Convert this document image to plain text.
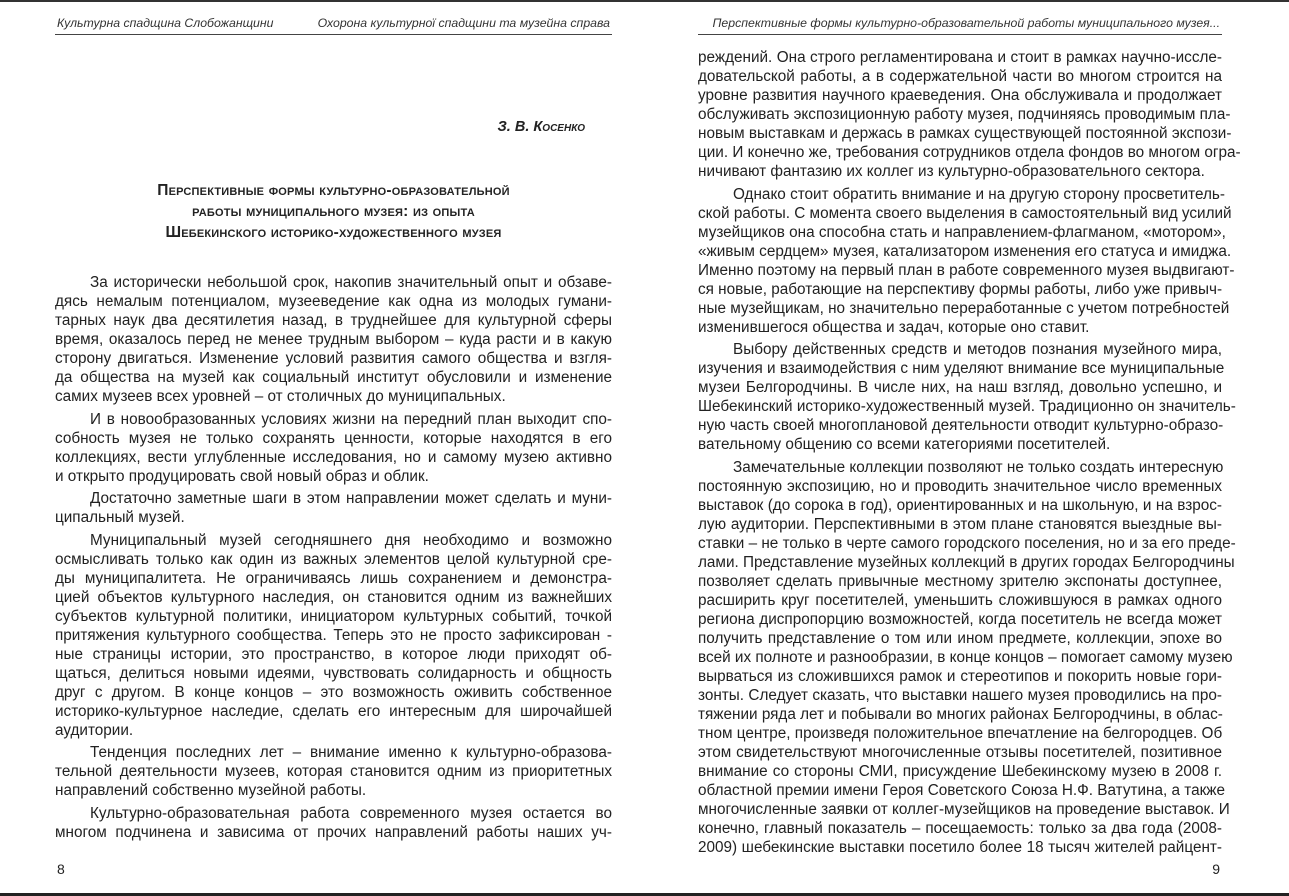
Культурна спадщина Слобожанщини	Охорона культурної спадщини та музейна справа
З. В. Косенко
Перспективные формы культурно-образовательной
работы муниципального музея: из опыта
Шебекинского историко-художественного музея
За исторически небольшой срок, накопив значительный опыт и обзаве-
дясь немалым потенциалом, музееведение как одна из молодых гумани-
тарных наук два десятилетия назад, в труднейшее для культурной сферы
время, оказалось перед не менее трудным выбором – куда расти и в какую
сторону двигаться. Изменение условий развития самого общества и взгля-
да общества на музей как социальный институт обусловили и изменение
самих музеев всех уровней – от столичных до муниципальных.
И в новообразованных условиях жизни на передний план выходит спо-
собность музея не только сохранять ценности, которые находятся в его
коллекциях, вести углубленные исследования, но и самому музею активно
и открыто продуцировать свой новый образ и облик.
Достаточно заметные шаги в этом направлении может сделать и муни-
ципальный музей.
Муниципальный музей сегодняшнего дня необходимо и возможно
осмысливать только как один из важных элементов целой культурной сре-
ды муниципалитета. Не ограничиваясь лишь сохранением и демонстра-
цией объектов культурного наследия, он становится одним из важнейших
субъектов культурной политики, инициатором культурных событий, точкой
притяжения культурного сообщества. Теперь это не просто зафиксирован -
ные страницы истории, это пространство, в которое люди приходят об-
щаться, делиться новыми идеями, чувствовать солидарность и общность
друг с другом. В конце концов – это возможность оживить собственное
историко-культурное наследие, сделать его интересным для широчайшей
аудитории.
Тенденция последних лет – внимание именно к культурно-образова-
тельной деятельности музеев, которая становится одним из приоритетных
направлений собственно музейной работы.
Культурно-образовательная работа современного музея остается во
многом подчинена и зависима от прочих направлений работы наших уч-
8
Перспективные формы культурно-образовательной работы муниципального музея...
реждений. Она строго регламентирована и стоит в рамках научно-иссле-
довательской работы, а в содержательной части во многом строится на
уровне развития научного краеведения. Она обслуживала и продолжает
обслуживать экспозиционную работу музея, подчиняясь проводимым пла-
новым выставкам и держась в рамках существующей постоянной экспози-
ции. И конечно же, требования сотрудников отдела фондов во многом огра-
ничивают фантазию их коллег из культурно-образовательного сектора.
Однако стоит обратить внимание и на другую сторону просветитель-
ской работы. С момента своего выделения в самостоятельный вид усилий
музейщиков она способна стать и направлением-флагманом, «мотором»,
«живым сердцем» музея, катализатором изменения его статуса и имиджа.
Именно поэтому на первый план в работе современного музея выдвигают-
ся новые, работающие на перспективу формы работы, либо уже привыч-
ные музейщикам, но значительно переработанные с учетом потребностей
изменившегося общества и задач, которые оно ставит.
Выбору действенных средств и методов познания музейного мира,
изучения и взаимодействия с ним уделяют внимание все муниципальные
музеи Белгородчины. В числе них, на наш взгляд, довольно успешно, и
Шебекинский историко-художественный музей. Традиционно он значитель-
ную часть своей многоплановой деятельности отводит культурно-образо-
вательному общению со всеми категориями посетителей.
Замечательные коллекции позволяют не только создать интересную
постоянную экспозицию, но и проводить значительное число временных
выставок (до сорока в год), ориентированных и на школьную, и на взрос-
лую аудитории. Перспективными в этом плане становятся выездные вы-
ставки – не только в черте самого городского поселения, но и за его преде-
лами. Представление музейных коллекций в других городах Белгородчины
позволяет сделать привычные местному зрителю экспонаты доступнее,
расширить круг посетителей, уменьшить сложившуюся в рамках одного
региона диспропорцию возможностей, когда посетитель не всегда может
получить представление о том или ином предмете, коллекции, эпохе во
всей их полноте и разнообразии, в конце концов – помогает самому музею
вырваться из сложившихся рамок и стереотипов и покорить новые гори-
зонты. Следует сказать, что выставки нашего музея проводились на про-
тяжении ряда лет и побывали во многих районах Белгородчины, в облас-
тном центре, произведя положительное впечатление на белгородцев. Об
этом свидетельствуют многочисленные отзывы посетителей, позитивное
внимание со стороны СМИ, присуждение Шебекинскому музею в 2008 г.
областной премии имени Героя Советского Союза Н.Ф. Ватутина, а также
многочисленные заявки от коллег-музейщиков на проведение выставок. И
конечно, главный показатель – посещаемость: только за два года (2008-
2009) шебекинские выставки посетило более 18 тысяч жителей райцент-
9
